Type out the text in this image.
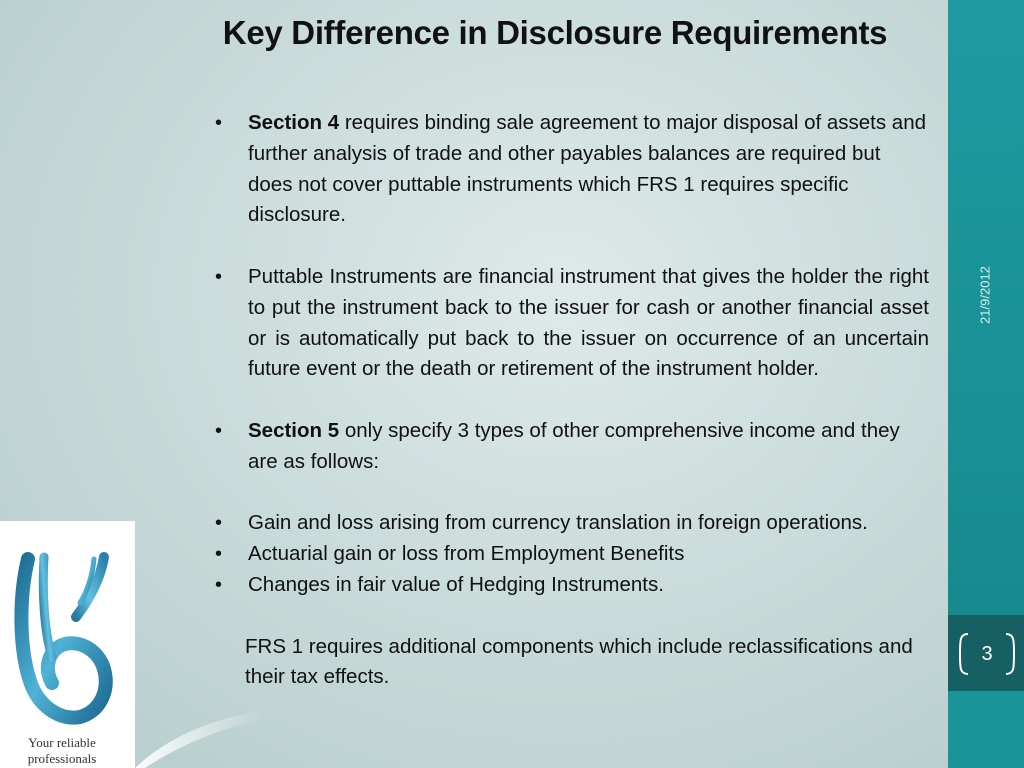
Key Difference in Disclosure Requirements
• Section 4 requires binding sale agreement to major disposal of assets and further analysis of trade and other payables balances are required but does not cover puttable instruments which FRS 1 requires specific disclosure.
• Puttable Instruments are financial instrument that gives the holder the right to put the instrument back to the issuer for cash or another financial asset or is automatically put back to the issuer on occurrence of an uncertain future event or the death or retirement of the instrument holder.
• Section 5 only specify 3 types of other comprehensive income and they are as follows:
• Gain and loss arising from currency translation in foreign operations.
• Actuarial gain or loss from Employment Benefits
• Changes in fair value of Hedging Instruments.
FRS 1 requires additional components which include reclassifications and their tax effects.
Your reliable
professionals
21/9/2012
3
